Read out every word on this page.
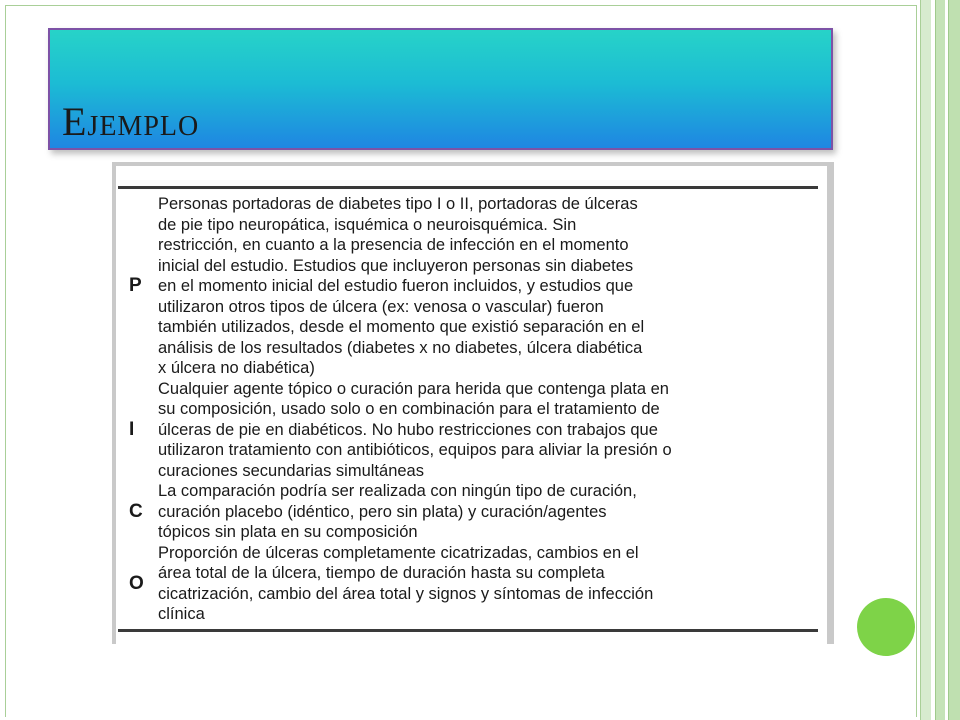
Ejemplo
P
Personas portadoras de diabetes tipo I o II, portadoras de úlceras
de pie tipo neuropática, isquémica o neuroisquémica. Sin
restricción, en cuanto a la presencia de infección en el momento
inicial del estudio. Estudios que incluyeron personas sin diabetes
en el momento inicial del estudio fueron incluidos, y estudios que
utilizaron otros tipos de úlcera (ex: venosa o vascular) fueron
también utilizados, desde el momento que existió separación en el
análisis de los resultados (diabetes x no diabetes, úlcera diabética
x úlcera no diabética)
I
Cualquier agente tópico o curación para herida que contenga plata en
su composición, usado solo o en combinación para el tratamiento de
úlceras de pie en diabéticos. No hubo restricciones con trabajos que
utilizaron tratamiento con antibióticos, equipos para aliviar la presión o
curaciones secundarias simultáneas
C
La comparación podría ser realizada con ningún tipo de curación,
curación placebo (idéntico, pero sin plata) y curación/agentes
tópicos sin plata en su composición
O
Proporción de úlceras completamente cicatrizadas, cambios en el
área total de la úlcera, tiempo de duración hasta su completa
cicatrización, cambio del área total y signos y síntomas de infección
clínica
